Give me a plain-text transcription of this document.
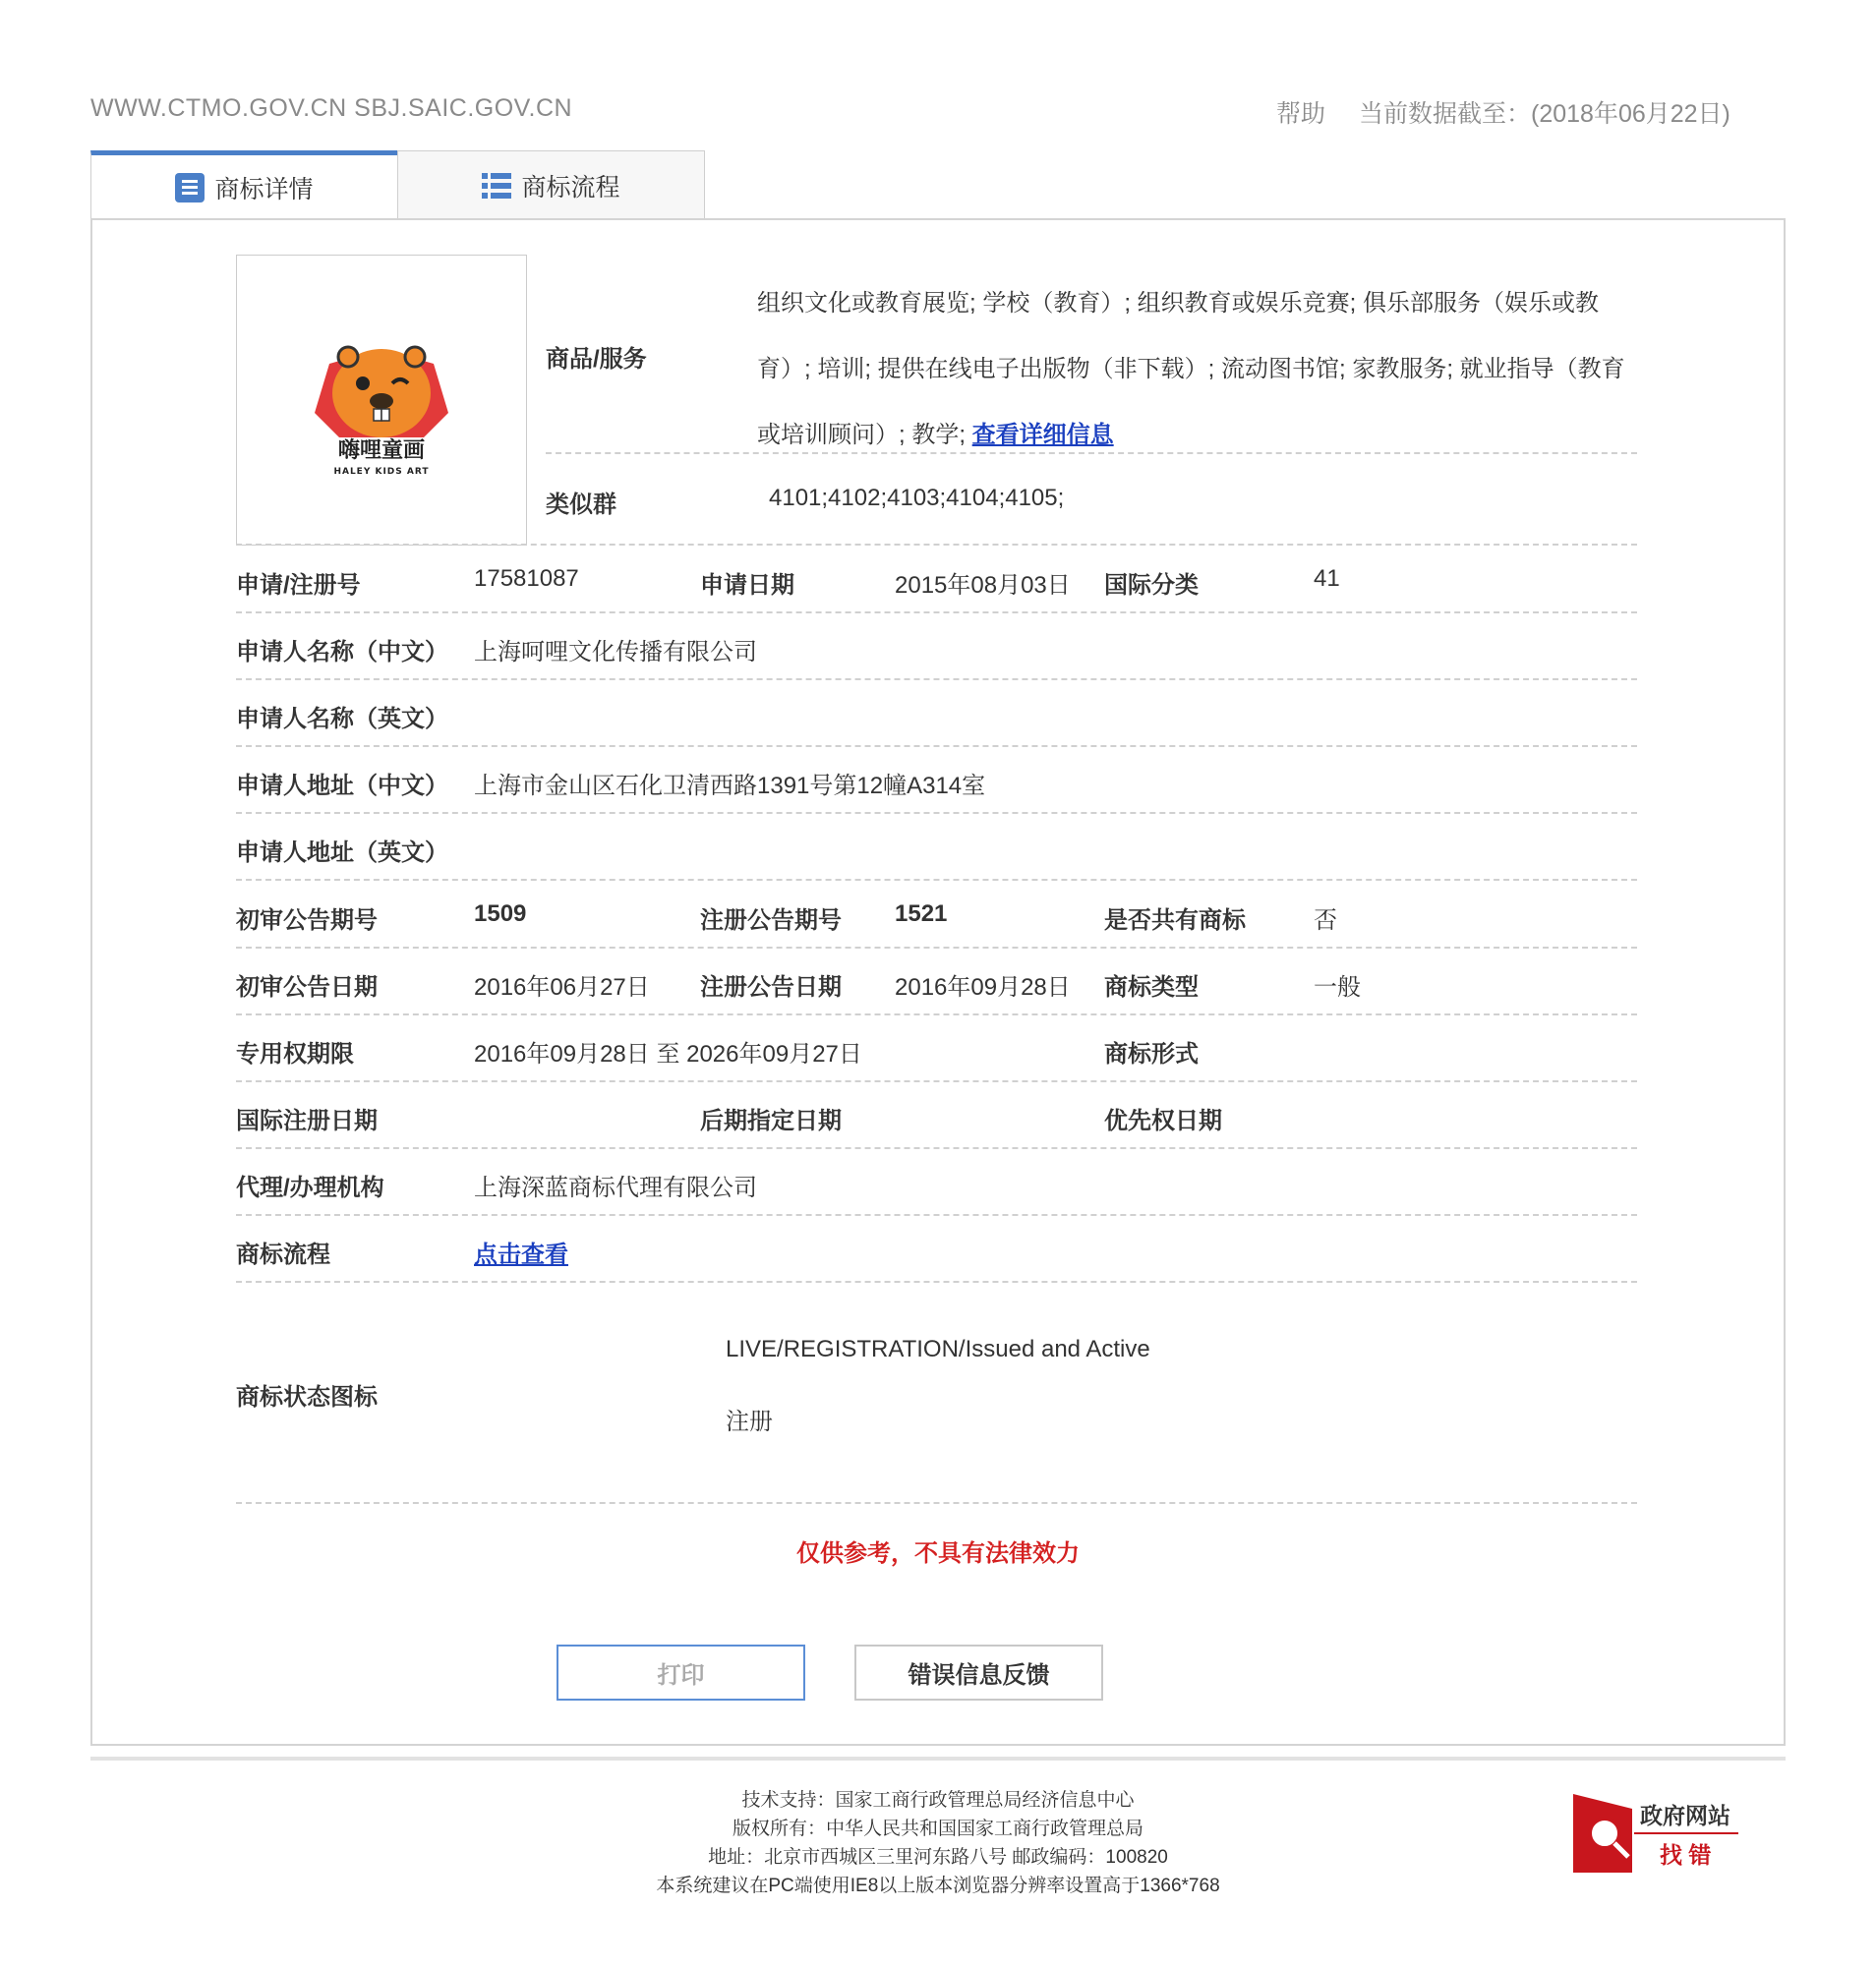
WWW.CTMO.GOV.CN SBJ.SAIC.GOV.CN	帮助 当前数据截至：(2018年06月22日)
商标详情	商标流程
嗨哩童画
HALEY KIDS ART
商品/服务
组织文化或教育展览; 学校（教育）; 组织教育或娱乐竞赛; 俱乐部服务（娱乐或教育）; 培训; 提供在线电子出版物（非下载）; 流动图书馆; 家教服务; 就业指导（教育或培训顾问）; 教学; 查看详细信息
类似群	4101;4102;4103;4104;4105;
申请/注册号	17581087	申请日期	2015年08月03日 国际分类	41
申请人名称（中文） 上海呵哩文化传播有限公司
申请人名称（英文）
申请人地址（中文） 上海市金山区石化卫清西路1391号第12幢A314室
申请人地址（英文）
初审公告期号	1509	注册公告期号 1521	是否共有商标	否
初审公告日期	2016年06月27日 注册公告日期 2016年09月28日 商标类型	一般
专用权期限	2016年09月28日 至 2026年09月27日	商标形式
国际注册日期	后期指定日期	优先权日期
代理/办理机构	上海深蓝商标代理有限公司
商标流程	点击查看
商标状态图标
LIVE/REGISTRATION/Issued and Active
注册
仅供参考，不具有法律效力
打印	错误信息反馈
技术支持：国家工商行政管理总局经济信息中心
版权所有：中华人民共和国国家工商行政管理总局
地址：北京市西城区三里河东路八号 邮政编码：100820
本系统建议在PC端使用IE8以上版本浏览器分辨率设置高于1366*768
政府网站
找 错
